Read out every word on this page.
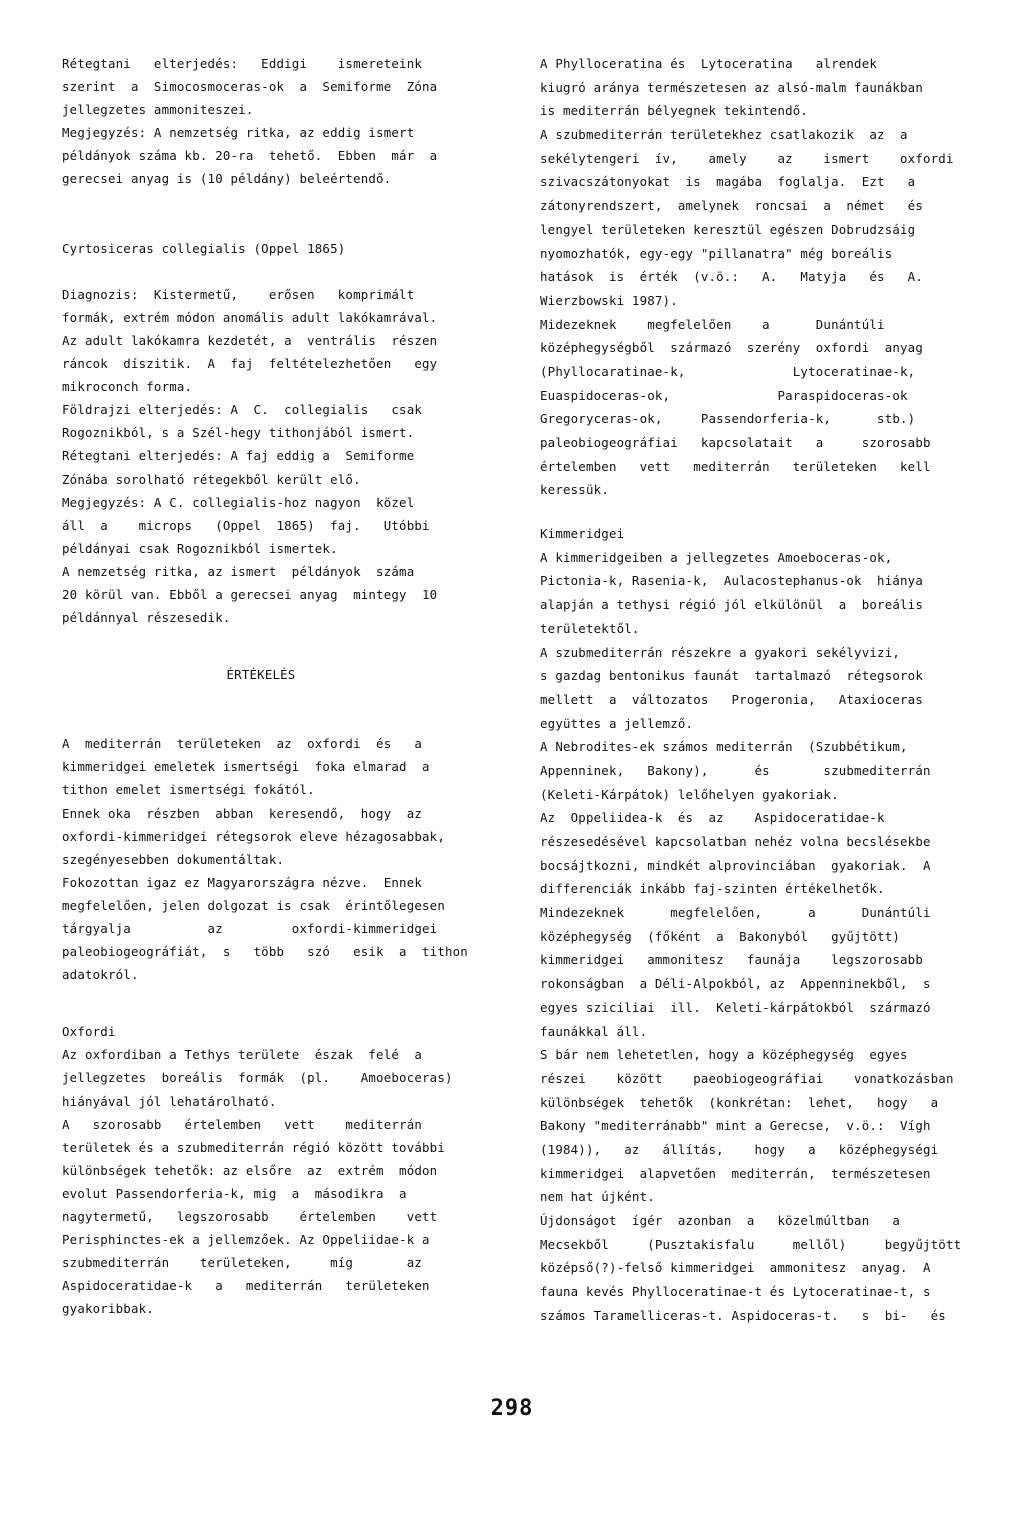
Rétegtani   elterjedés:   Eddigi    ismereteink
szerint  a  Simocosmoceras-ok  a  Semiforme  Zóna
jellegzetes ammoniteszei.
Megjegyzés: A nemzetség ritka, az eddig ismert
példányok száma kb. 20-ra  tehető.  Ebben  már  a
gerecsei anyag is (10 példány) beleértendő.
Cyrtosiceras collegialis (Oppel 1865)
Diagnozis:  Kistermetű,    erősen   komprimált
formák, extrém módon anomális adult lakókamrával.
Az adult lakókamra kezdetét, a  ventrális  részen
ráncok  díszitik.  A  faj  feltételezhetően   egy
mikroconch forma.
Földrajzi elterjedés: A  C.  collegialis   csak
Rogoznikból, s a Szél-hegy tithonjából ismert.
Rétegtani elterjedés: A faj eddig a  Semiforme
Zónába sorolható rétegekből került elő.
Megjegyzés: A C. collegialis-hoz nagyon  közel
áll  a    microps   (Oppel  1865)  faj.   Utóbbi
példányai csak Rogoznikból ismertek.
A nemzetség ritka, az ismert  példányok  száma
20 körül van. Ebből a gerecsei anyag  mintegy  10
példánnyal részesedik.
ÉRTÉKELÉS
A  mediterrán  területeken  az  oxfordi  és   a
kimmeridgei emeletek ismertségi  foka elmarad  a
tithon emelet ismertségi fokától.
Ennek oka  részben  abban  keresendő,  hogy  az
oxfordi-kimmeridgei rétegsorok eleve hézagosabbak,
szegényesebben dokumentáltak.
Fokozottan igaz ez Magyarországra nézve.  Ennek
megfelelően, jelen dolgozat is csak  érintőlegesen
tárgyalja          az         oxfordi-kimmeridgei
paleobiogeográfiát,  s   több   szó   esik  a  tithon
adatokról.
Oxfordi
Az oxfordiban a Tethys területe  észak  felé  a
jellegzetes  boreális  formák  (pl.    Amoeboceras)
hiányával jól lehatárolható.
A   szorosabb   értelemben   vett    mediterrán
területek és a szubmediterrán régió között további
különbségek tehetők: az elsőre  az  extrém  módon
evolut Passendorferia-k, mig  a  másodikra  a
nagytermetű,   legszorosabb    értelemben    vett
Perisphinctes-ek a jellemzőek. Az Oppeliidae-k a
szubmediterrán    területeken,     míg       az
Aspidoceratidae-k   a   mediterrán   területeken
gyakoribbak.
A Phylloceratina és  Lytoceratina   alrendek
kiugró aránya természetesen az alsó-malm faunákban
is mediterrán bélyegnek tekintendő.
A szubmediterrán területekhez csatlakozik  az  a
sekélytengeri  ív,    amely    az    ismert    oxfordi
szivacszátonyokat  is  magába  foglalja.  Ezt   a
zátonyrendszert,  amelynek  roncsai  a  német   és
lengyel területeken keresztül egészen Dobrudzsáig
nyomozhatók, egy-egy "pillanatra" még boreális
hatások  is  érték  (v.ö.:   A.   Matyja   és   A.
Wierzbowski 1987).
Midezeknek    megfelelően    a      Dunántúli
középhegységből  származó  szerény  oxfordi  anyag
(Phyllocaratinae-k,              Lytoceratinae-k,
Euaspidoceras-ok,              Paraspidoceras-ok
Gregoryceras-ok,     Passendorferia-k,      stb.)
paleobiogeográfiai   kapcsolatait   a     szorosabb
értelemben   vett   mediterrán   területeken   kell
keressük.
Kimmeridgei
A kimmeridgeiben a jellegzetes Amoeboceras-ok,
Pictonia-k, Rasenia-k,  Aulacostephanus-ok  hiánya
alapján a tethysi régió jól elkülönül  a  boreális
területektől.
A szubmediterrán részekre a gyakori sekélyvizi,
s gazdag bentonikus faunát  tartalmazó  rétegsorok
mellett  a  változatos   Progeronia,   Ataxioceras
együttes a jellemző.
A Nebrodites-ek számos mediterrán  (Szubbétikum,
Appenninek,   Bakony),      és       szubmediterrán
(Keleti-Kárpátok) lelőhelyen gyakoriak.
Az  Oppeliidea-k  és  az    Aspidoceratidae-k
részesedésével kapcsolatban nehéz volna becslésekbe
bocsájtkozni, mindkét alprovinciában  gyakoriak.  A
differenciák inkább faj-szinten értékelhetők.
Mindezeknek      megfelelően,      a      Dunántúli
középhegység  (főként  a  Bakonyból   gyűjtött)
kimmeridgei   ammonitesz   faunája    legszorosabb
rokonságban  a Déli-Alpokból, az  Appenninekből,  s
egyes sziciliai  ill.  Keleti-kárpátokból  származó
faunákkal áll.
S bár nem lehetetlen, hogy a középhegység  egyes
részei    között    paeobiogeográfiai    vonatkozásban
különbségek  tehetők  (konkrétan:  lehet,   hogy   a
Bakony "mediterránabb" mint a Gerecse,  v.ö.:  Vígh
(1984)),   az   állítás,    hogy   a   középhegységi
kimmeridgei  alapvetően  mediterrán,  természetesen
nem hat újként.
Újdonságot  ígér  azonban  a   közelmúltban   a
Mecsekből     (Pusztakisfalu     mellől)     begyűjtött
középső(?)-felső kimmeridgei  ammonitesz  anyag.  A
fauna kevés Phylloceratinae-t és Lytoceratinae-t, s
számos Taramelliceras-t. Aspidoceras-t.   s  bi-   és
298
